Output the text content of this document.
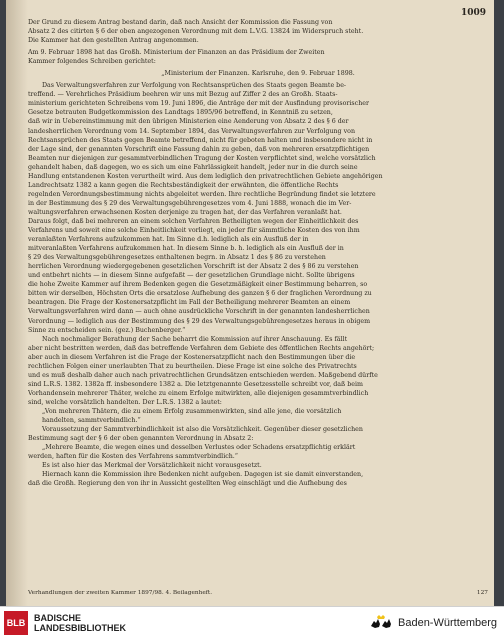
1009
Der Grund zu diesem Antrag bestand darin, daß nach Ansicht der Kommission die Fassung von
Absatz 2 des citirten § 6 der oben angezogenen Verordnung mit dem L.V.G. 13824 im Widerspruch steht.
Die Kammer hat den gestellten Antrag angenommen.
Am 9. Februar 1898 hat das Großh. Ministerium der Finanzen an das Präsidium der Zweiten
Kammer folgendes Schreiben gerichtet:
„Ministerium der Finanzen. Karlsruhe, den 9. Februar 1898.
Das Verwaltungsverfahren zur Verfolgung von Rechtsansprüchen des Staats gegen Beamte be-
treffend. — Verehrliches Präsidium beehren wir uns mit Bezug auf Ziffer 2 des an Großh. Staats-
ministerium gerichteten Schreibens vom 19. Juni 1896, die Anträge der mit der Ausfindung provisorischer
Gesetze betrauten Budgetkommission des Landtags 1895/96 betreffend, in Kenntniß zu setzen,
daß wir in Uebereinstimmung mit den übrigen Ministerien eine Aenderung von Absatz 2 des § 6 der
landesherrlichen Verordnung vom 14. September 1894, das Verwaltungsverfahren zur Verfolgung von
Rechtsansprüchen des Staats gegen Beamte betreffend, nicht für geboten halten und insbesondere nicht in
der Lage sind, der genannten Vorschrift eine Fassung dahin zu geben, daß von mehreren ersatzpflichtigen
Beamten nur diejenigen zur gesammtverbindlichen Tragung der Kosten verpflichtet sind, welche vorsätzlich
gehandelt haben, daß dagegen, wo es sich um eine Fahrlässigkeit handelt, jeder nur in die durch seine
Handlung entstandenen Kosten verurtheilt wird. Aus dem lediglich den privatrechtlichen Gebiete angehörigen
Landrechtsatz 1382 a kann gegen die Rechtsbeständigkeit der erwähnten, die öffentliche Rechts
regelnden Verordnungsbestimmung nichts abgeleitet werden. Ihre rechtliche Begründung findet sie letztere
in der Bestimmung des § 29 des Verwaltungsgebührengesetzes vom 4. Juni 1888, wonach die im Ver-
waltungsverfahren erwachsenen Kosten derjenige zu tragen hat, der das Verfahren veranlaßt hat.
Daraus folgt, daß bei mehreren an einem solchen Verfahren Betheiligten wegen der Einheitlichkeit des
Verfahrens und soweit eine solche Einheitlichkeit vorliegt, ein jeder für sämmtliche Kosten des von ihm
veranlaßten Verfahrens aufzukommen hat. Im Sinne d.h. lediglich als ein Ausfluß der in
mitveranlaßten Verfahrens aufzukommen hat. In diesem Sinne b. h. lediglich als ein Ausfluß der in
§ 29 des Verwaltungsgebührengesetzes enthaltenen begrn. in Absatz 1 des § 86 zu verstehen
herrlichen Verordnung wiedergegebenen gesetzlichen Vorschrift ist der Absatz 2 des § 86 zu verstehen
und entbehrt nichts — in diesem Sinne aufgefaßt — der gesetzlichen Grundlage nicht. Sollte übrigens
die hohe Zweite Kammer auf ihrem Bedenken gegen die Gesetzmäßigkeit einer Bestimmung beharren, so
bitten wir derselben, Höchsten Orts die ersatzlose Aufhebung des ganzen § 6 der fraglichen Verordnung zu
beantragen. Die Frage der Kostenersatzpflicht im Fall der Betheiligung mehrerer Beamten an einem
Verwaltungsverfahren wird dann — auch ohne ausdrückliche Vorschrift in der genannten landesherrlichen
Verordnung — lediglich aus der Bestimmung des § 29 des Verwaltungsgebührengesetzes heraus in obigem
Sinne zu entscheiden sein. (gez.) Buchenberger.“
Nach nochmaliger Berathung der Sache beharrt die Kommission auf ihrer Anschauung. Es fällt
aber nicht bestritten werden, daß das betreffende Verfahren dem Gebiete des öffentlichen Rechts angehört;
aber auch in diesem Verfahren ist die Frage der Kostenersatzpflicht nach den Bestimmungen über die
rechtlichen Folgen einer unerlaubten That zu beurtheilen. Diese Frage ist eine solche des Privatrechts
und es muß deshalb daher auch nach privatrechtlichen Grundsätzen entschieden werden. Maßgebend dürfte
sind L.R.S. 1382. 1382a ff. insbesondere 1382 a. Die letztgenannte Gesetzesstelle schreibt vor, daß beim
Vorhandensein mehrerer Thäter, welche zu einem Erfolge mitwirkten, alle diejenigen gesammtverbindlich
sind, welche vorsätzlich handelten. Der L.R.S. 1382 a lautet:
„Von mehreren Thätern, die zu einem Erfolg zusammenwirkten, sind alle jene, die vorsätzlich
handelten, sammtverbindlich.“
Voraussetzung der Sammtverbindlichkeit ist also die Vorsätzlichkeit. Gegenüber dieser gesetzlichen
Bestimmung sagt der § 6 der oben genannten Verordnung in Absatz 2:
„Mehrere Beamte, die wegen eines und desselben Verlustes oder Schadens ersatzpflichtig erklärt
werden, haften für die Kosten des Verfahrens sammtverbindlich.“
Es ist also hier das Merkmal der Vorsätzlichkeit nicht vorausgesetzt.
Hiernach kann die Kommission ihre Bedenken nicht aufgeben. Dagegen ist sie damit einverstanden,
daß die Großh. Regierung den von ihr in Aussicht gestellten Weg einschlägt und die Aufhebung des
Verhandlungen der zweiten Kammer 1897/98. 4. Beilagenheft.	127
BLB BADISCHE
LANDESBIBLIOTHEK	Baden-Württemberg
